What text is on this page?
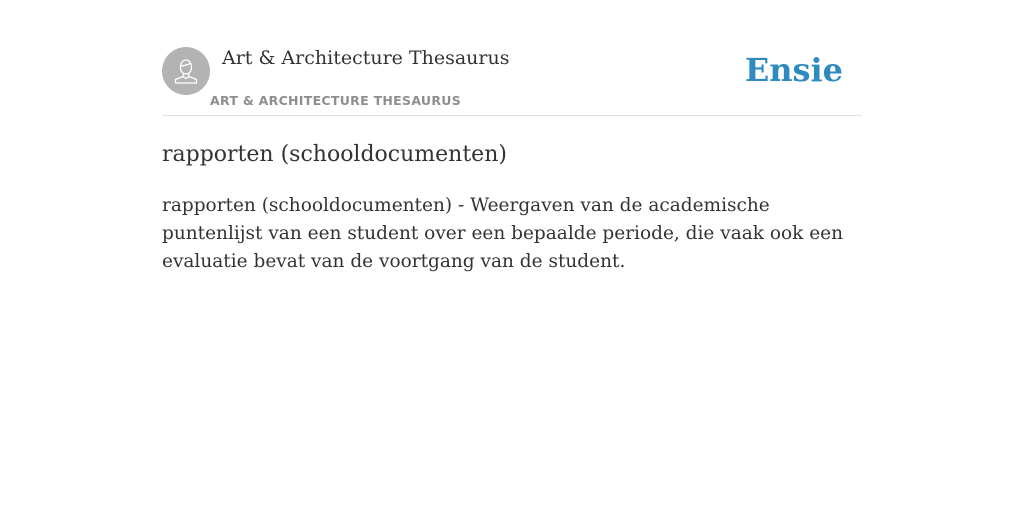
Art & Architecture Thesaurus
ART & ARCHITECTURE THESAURUS
Ensie
rapporten (schooldocumenten)

rapporten (schooldocumenten) - Weergaven van de academische puntenlijst van een student over een bepaalde periode, die vaak ook een evaluatie bevat van de voortgang van de student.
